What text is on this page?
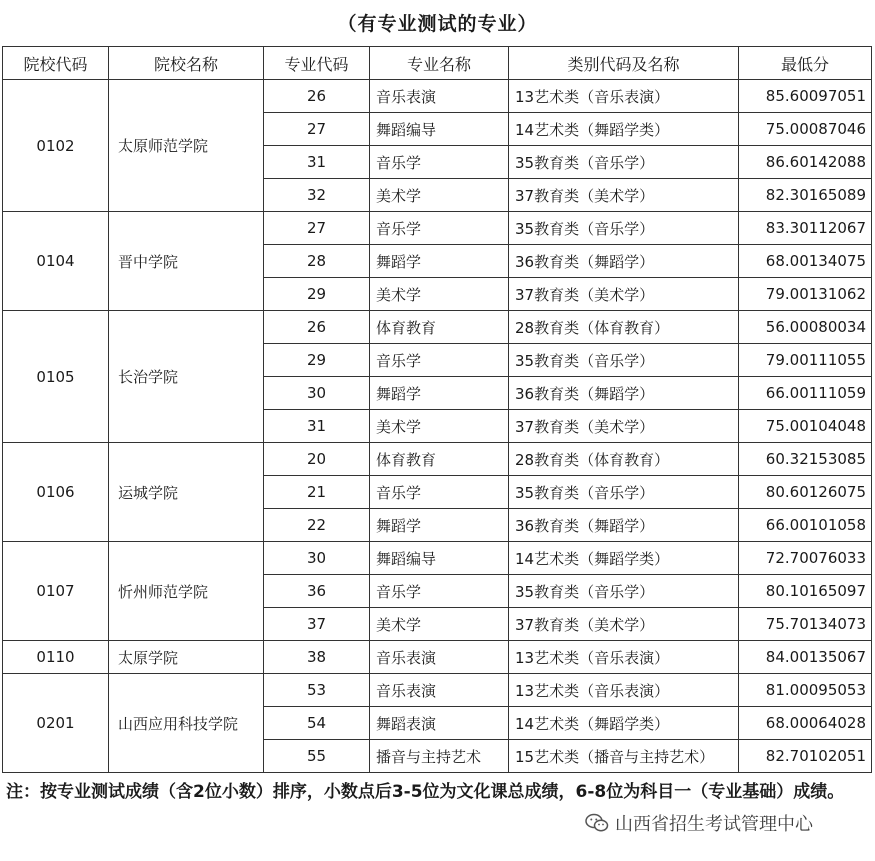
（有专业测试的专业）
院校代码	院校名称	专业代码	专业名称	类别代码及名称	最低分
0102	太原师范学院	26	音乐表演	13艺术类（音乐表演）	85.60097051
		27	舞蹈编导	14艺术类（舞蹈学类）	75.00087046
		31	音乐学	35教育类（音乐学）	86.60142088
		32	美术学	37教育类（美术学）	82.30165089
0104	晋中学院	27	音乐学	35教育类（音乐学）	83.30112067
		28	舞蹈学	36教育类（舞蹈学）	68.00134075
		29	美术学	37教育类（美术学）	79.00131062
0105	长治学院	26	体育教育	28教育类（体育教育）	56.00080034
		29	音乐学	35教育类（音乐学）	79.00111055
		30	舞蹈学	36教育类（舞蹈学）	66.00111059
		31	美术学	37教育类（美术学）	75.00104048
0106	运城学院	20	体育教育	28教育类（体育教育）	60.32153085
		21	音乐学	35教育类（音乐学）	80.60126075
		22	舞蹈学	36教育类（舞蹈学）	66.00101058
0107	忻州师范学院	30	舞蹈编导	14艺术类（舞蹈学类）	72.70076033
		36	音乐学	35教育类（音乐学）	80.10165097
		37	美术学	37教育类（美术学）	75.70134073
0110	太原学院	38	音乐表演	13艺术类（音乐表演）	84.00135067
0201	山西应用科技学院	53	音乐表演	13艺术类（音乐表演）	81.00095053
		54	舞蹈表演	14艺术类（舞蹈学类）	68.00064028
		55	播音与主持艺术	15艺术类（播音与主持艺术）	82.70102051
注：按专业测试成绩（含2位小数）排序，小数点后3-5位为文化课总成绩，6-8位为科目一（专业基础）成绩。
山西省招生考试管理中心
